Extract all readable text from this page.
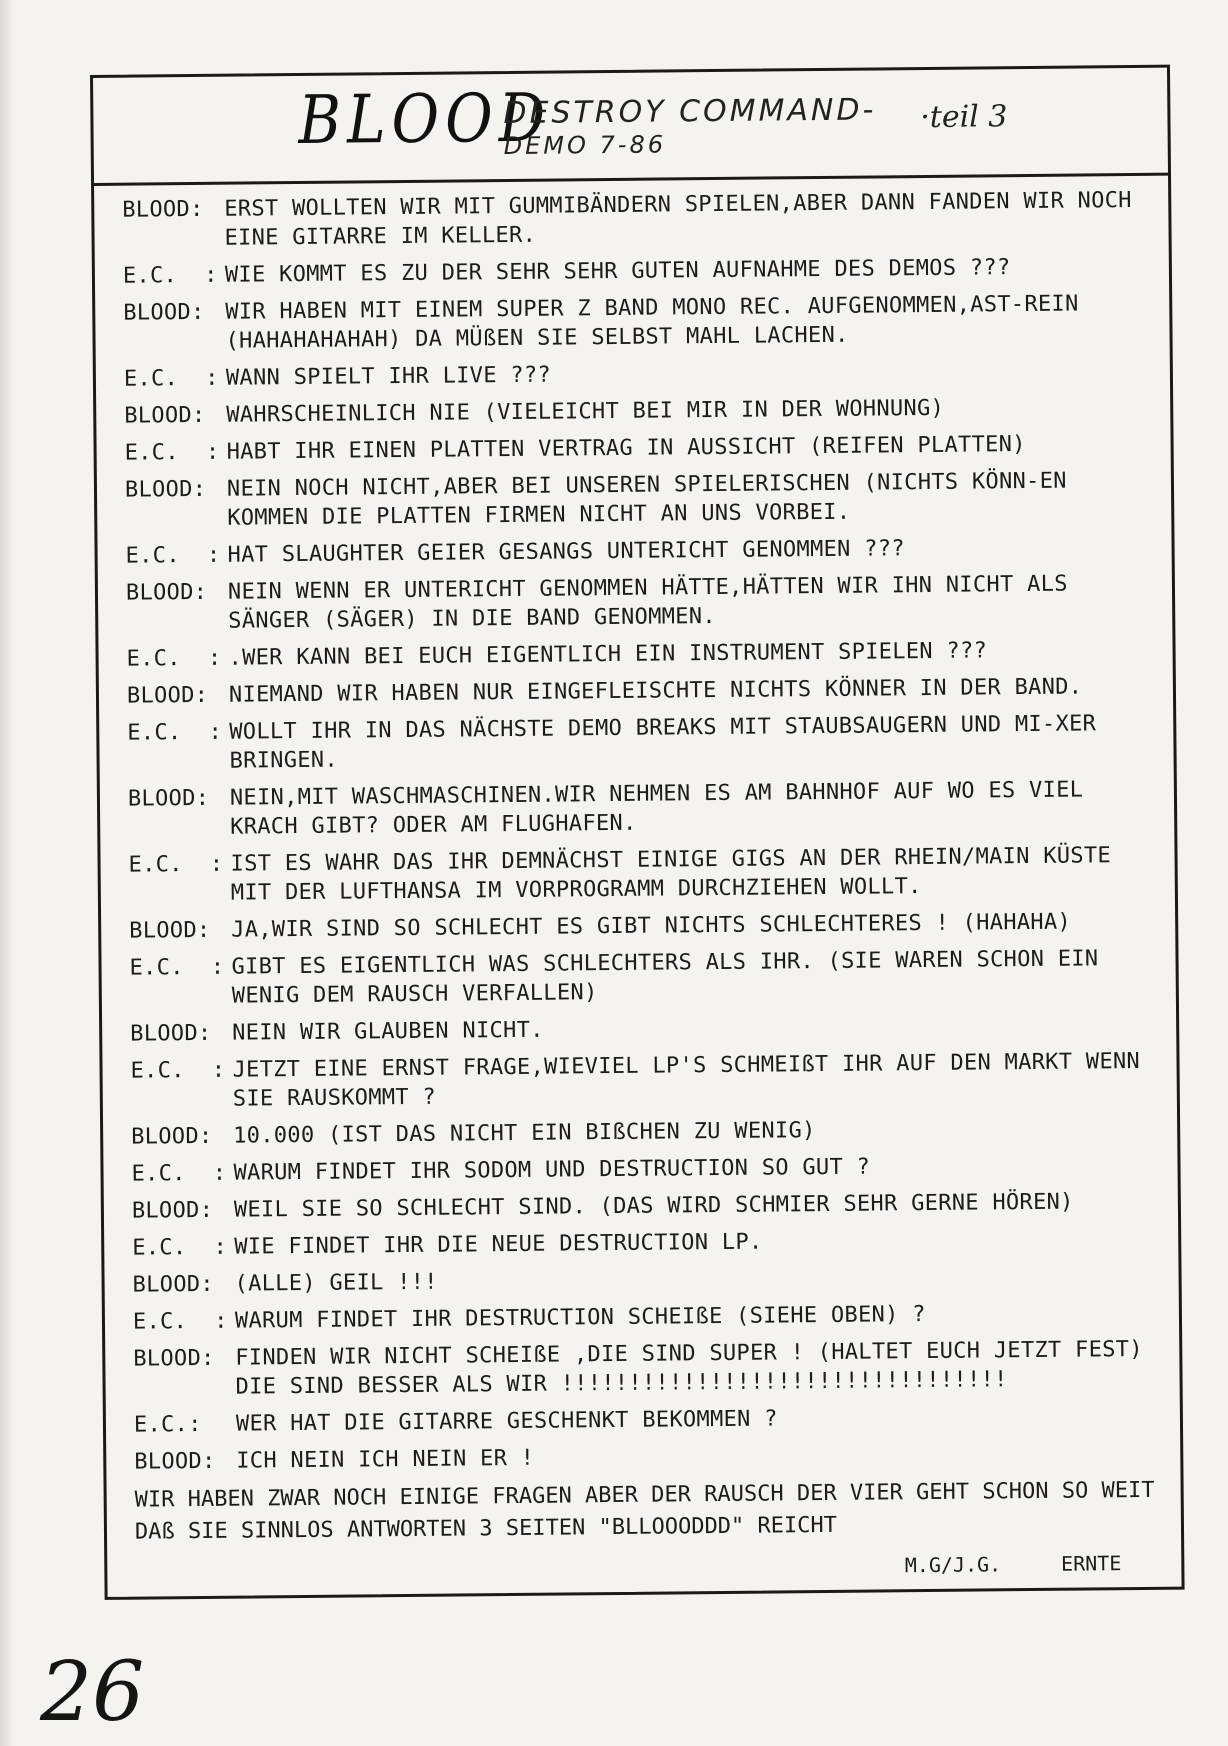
BLOOD
DESTROY COMMAND-
DEMO 7-86
·teil 3
BLOOD: ERST WOLLTEN WIR MIT GUMMIBÄNDERN SPIELEN,ABER DANN FANDEN WIR NOCH EINE GITARRE IM KELLER.
E.C.  : WIE KOMMT ES ZU DER SEHR SEHR GUTEN AUFNAHME DES DEMOS ???
BLOOD: WIR HABEN MIT EINEM SUPER Z BAND MONO REC. AUFGENOMMEN,AST-REIN (HAHAHAHAHAH) DA MÜßEN SIE SELBST MAHL LACHEN.
E.C.  : WANN SPIELT IHR LIVE ???
BLOOD: WAHRSCHEINLICH NIE (VIELEICHT BEI MIR IN DER WOHNUNG)
E.C.  : HABT IHR EINEN PLATTEN VERTRAG IN AUSSICHT (REIFEN PLATTEN)
BLOOD: NEIN NOCH NICHT,ABER BEI UNSEREN SPIELERISCHEN (NICHTS KÖNN-EN KOMMEN DIE PLATTEN FIRMEN NICHT AN UNS VORBEI.
E.C.  : HAT SLAUGHTER GEIER GESANGS UNTERICHT GENOMMEN ???
BLOOD: NEIN WENN ER UNTERICHT GENOMMEN HÄTTE,HÄTTEN WIR IHN NICHT ALS SÄNGER (SÄGER) IN DIE BAND GENOMMEN.
E.C.  : .WER KANN BEI EUCH EIGENTLICH EIN INSTRUMENT SPIELEN ???
BLOOD: NIEMAND WIR HABEN NUR EINGEFLEISCHTE NICHTS KÖNNER IN DER BAND.
E.C.  : WOLLT IHR IN DAS NÄCHSTE DEMO BREAKS MIT STAUBSAUGERN UND MI-XER BRINGEN.
BLOOD: NEIN,MIT WASCHMASCHINEN.WIR NEHMEN ES AM BAHNHOF AUF WO ES VIEL KRACH GIBT? ODER AM FLUGHAFEN.
E.C.  : IST ES WAHR DAS IHR DEMNÄCHST EINIGE GIGS AN DER RHEIN/MAIN KÜSTE MIT DER LUFTHANSA IM VORPROGRAMM DURCHZIEHEN WOLLT.
BLOOD: JA,WIR SIND SO SCHLECHT ES GIBT NICHTS SCHLECHTERES ! (HAHAHA)
E.C.  : GIBT ES EIGENTLICH WAS SCHLECHTERS ALS IHR. (SIE WAREN SCHON EIN WENIG DEM RAUSCH VERFALLEN)
BLOOD: NEIN WIR GLAUBEN NICHT.
E.C.  : JETZT EINE ERNST FRAGE,WIEVIEL LP'S SCHMEIßT IHR AUF DEN MARKT WENN SIE RAUSKOMMT ?
BLOOD: 10.000 (IST DAS NICHT EIN BIßCHEN ZU WENIG)
E.C.  : WARUM FINDET IHR SODOM UND DESTRUCTION SO GUT ?
BLOOD: WEIL SIE SO SCHLECHT SIND. (DAS WIRD SCHMIER SEHR GERNE HÖREN)
E.C.  : WIE FINDET IHR DIE NEUE DESTRUCTION LP.
BLOOD: (ALLE) GEIL !!!
E.C.  : WARUM FINDET IHR DESTRUCTION SCHEIßE (SIEHE OBEN) ?
BLOOD: FINDEN WIR NICHT SCHEIßE ,DIE SIND SUPER ! (HALTET EUCH JETZT FEST) DIE SIND BESSER ALS WIR !!!!!!!!!!!!!!!!!!!!!!!!!!!!!!!!!
E.C.:	WER HAT DIE GITARRE GESCHENKT BEKOMMEN ?
BLOOD: ICH NEIN ICH NEIN ER !
WIR HABEN ZWAR NOCH EINIGE FRAGEN ABER DER RAUSCH DER VIER GEHT SCHON SO WEIT DAß SIE SINNLOS ANTWORTEN 3 SEITEN "BLLOOODDD" REICHT
M.G/J.G.	ERNTE
26
